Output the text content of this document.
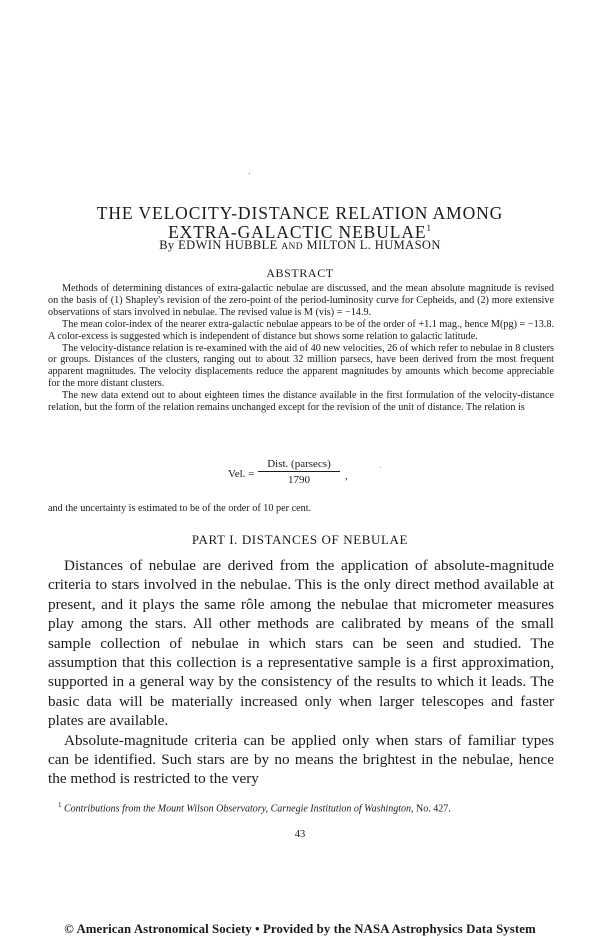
THE VELOCITY-DISTANCE RELATION AMONG
EXTRA-GALACTIC NEBULAE$^1$
By EDWIN HUBBLE AND MILTON L. HUMASON
ABSTRACT

Methods of determining distances of extra-galactic nebulae are discussed, and the mean absolute magnitude is revised on the basis of (1) Shapley's revision of the zero-point of the period-luminosity curve for Cepheids, and (2) more extensive observations of stars involved in nebulae. The revised value is M (vis) = −14.9.

The mean color-index of the nearer extra-galactic nebulae appears to be of the order of +1.1 mag., hence M(pg) = −13.8. A color-excess is suggested which is independent of distance but shows some relation to galactic latitude.

The velocity-distance relation is re-examined with the aid of 40 new velocities, 26 of which refer to nebulae in 8 clusters or groups. Distances of the clusters, ranging out to about 32 million parsecs, have been derived from the most frequent apparent magnitudes. The velocity displacements reduce the apparent magnitudes by amounts which become appreciable for the more distant clusters.

The new data extend out to about eighteen times the distance available in the first formulation of the velocity-distance relation, but the form of the relation remains unchanged except for the revision of the unit of distance. The relation is

Vel. =
Dist. (parsecs)
1790	,
and the uncertainty is estimated to be of the order of 10 per cent.
PART I. DISTANCES OF NEBULAE

Distances of nebulae are derived from the application of absolute-magnitude criteria to stars involved in the nebulae. This is the only direct method available at present, and it plays the same rôle among the nebulae that micrometer measures play among the stars. All other methods are calibrated by means of the small sample collection of nebulae in which stars can be seen and studied. The assumption that this collection is a representative sample is a first approximation, supported in a general way by the consistency of the results to which it leads. The basic data will be materially increased only when larger telescopes and faster plates are available.

Absolute-magnitude criteria can be applied only when stars of familiar types can be identified. Such stars are by no means the brightest in the nebulae, hence the method is restricted to the very

$^1$ Contributions from the Mount Wilson Observatory, Carnegie Institution of Washington, No. 427.
43
© American Astronomical Society • Provided by the NASA Astrophysics Data System
